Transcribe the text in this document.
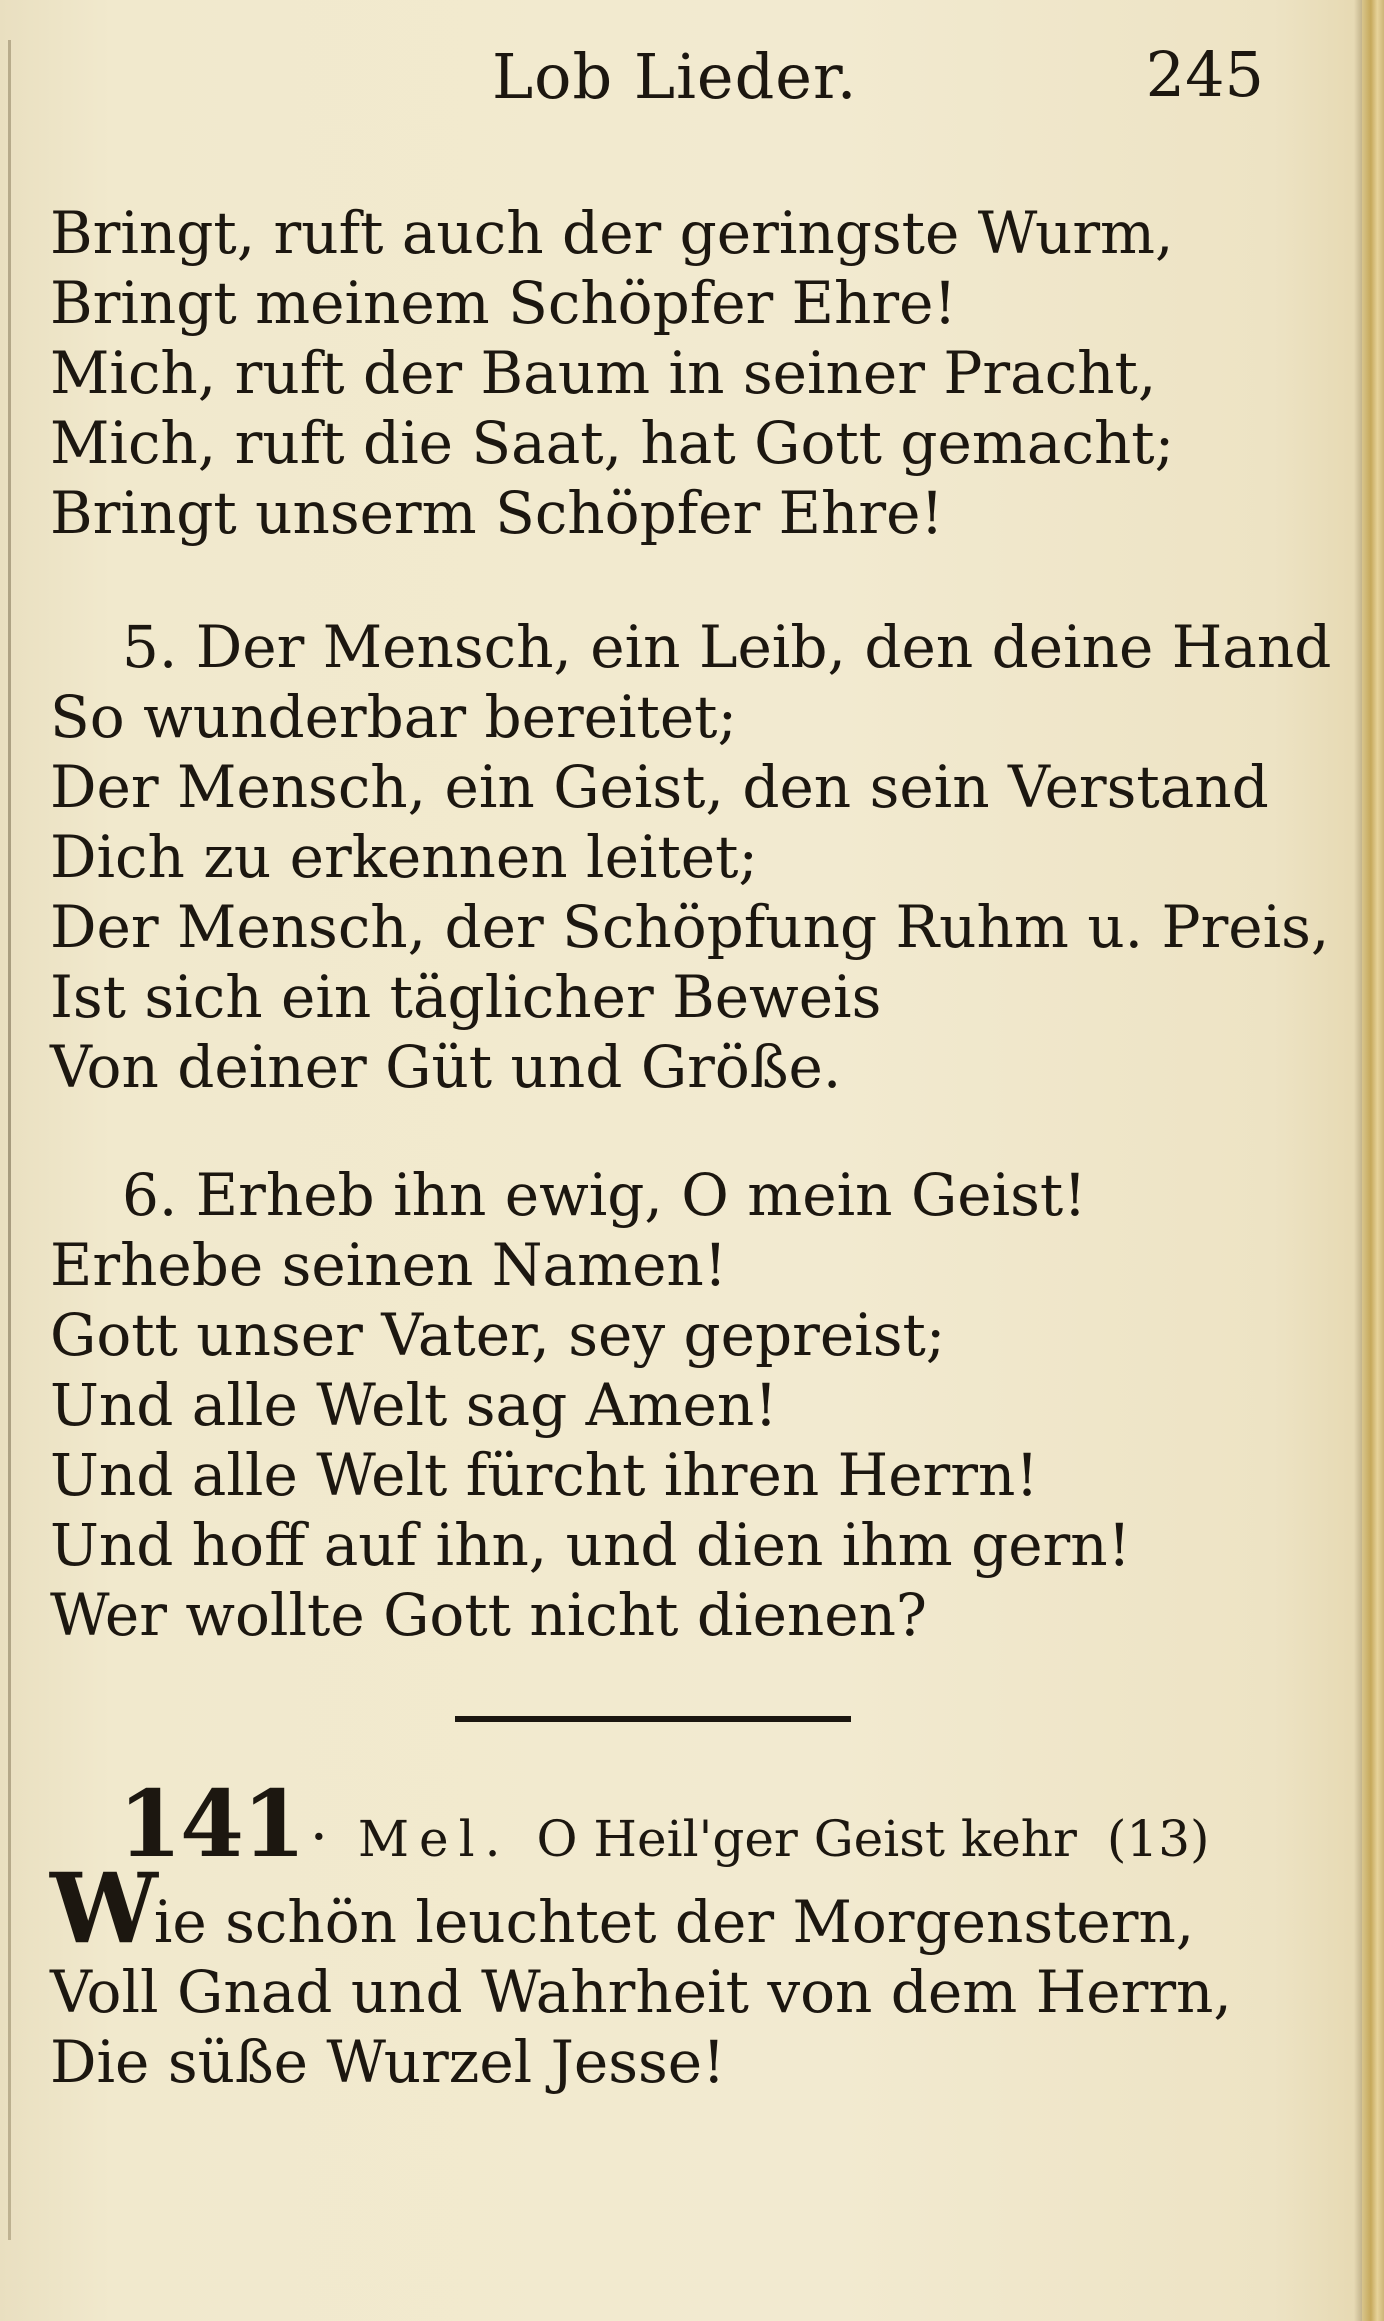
Lob Lieder.	245
Bringt, ruft auch der geringste Wurm,
Bringt meinem Schöpfer Ehre!
Mich, ruft der Baum in seiner Pracht,
Mich, ruft die Saat, hat Gott gemacht;
Bringt unserm Schöpfer Ehre!
5. Der Mensch, ein Leib, den deine Hand
So wunderbar bereitet;
Der Mensch, ein Geist, den sein Verstand
Dich zu erkennen leitet;
Der Mensch, der Schöpfung Ruhm u. Preis,
Ist sich ein täglicher Beweis
Von deiner Güt und Größe.
6. Erheb ihn ewig, O mein Geist!
Erhebe seinen Namen!
Gott unser Vater, sey gepreist;
Und alle Welt sag Amen!
Und alle Welt fürcht ihren Herrn!
Und hoff auf ihn, und dien ihm gern!
Wer wollte Gott nicht dienen?
141 · Mel. O Heil'ger Geist kehr (13)
Wie schön leuchtet der Morgenstern,
Voll Gnad und Wahrheit von dem Herrn,
Die süße Wurzel Jesse!
